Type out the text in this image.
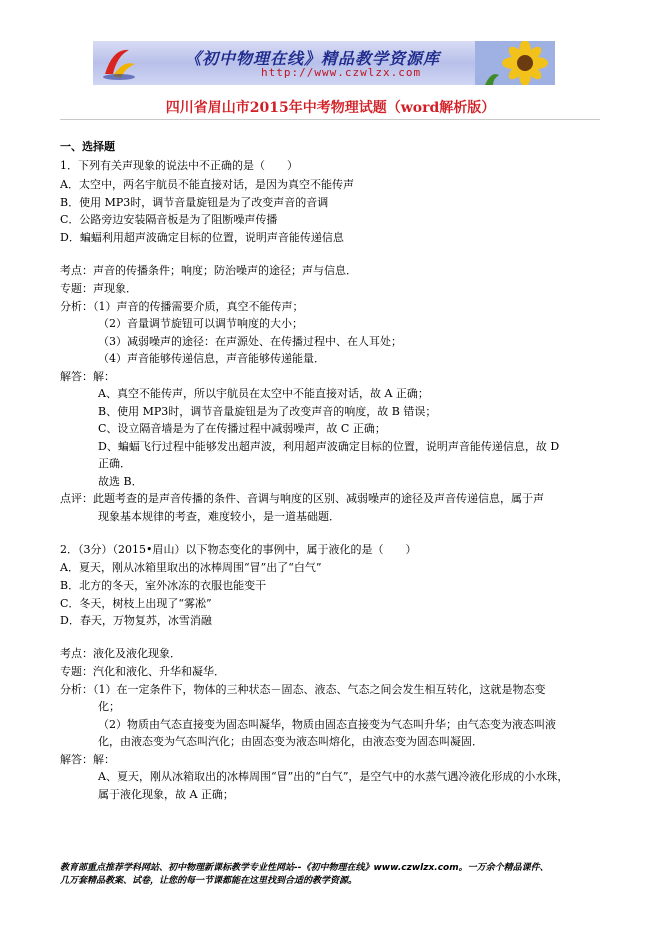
《初中物理在线》精品教学资源库
http://www.czwlzx.com
四川省眉山市2015年中考物理试题（word解析版）
一、选择题
1．下列有关声现象的说法中不正确的是（　　）
A．太空中，两名宇航员不能直接对话，是因为真空不能传声
B．使用 MP3时，调节音量旋钮是为了改变声音的音调
C．公路旁边安装隔音板是为了阻断噪声传播
D．蝙蝠利用超声波确定目标的位置，说明声音能传递信息
考点：声音的传播条件；响度；防治噪声的途径；声与信息．
专题：声现象．
分析：（1）声音的传播需要介质，真空不能传声；
（2）音量调节旋钮可以调节响度的大小；
（3）减弱噪声的途径：在声源处、在传播过程中、在人耳处；
（4）声音能够传递信息，声音能够传递能量．
解答：解：
A、真空不能传声，所以宇航员在太空中不能直接对话，故 A 正确；
B、使用 MP3时，调节音量旋钮是为了改变声音的响度，故 B 错误；
C、设立隔音墙是为了在传播过程中减弱噪声，故 C 正确；
D、蝙蝠飞行过程中能够发出超声波，利用超声波确定目标的位置，说明声音能传递信息，故 D
正确．
故选 B．
点评：此题考查的是声音传播的条件、音调与响度的区别、减弱噪声的途径及声音传递信息，属于声
现象基本规律的考查，难度较小，是一道基础题．
2．（3分）（2015•眉山）以下物态变化的事例中，属于液化的是（　　）
A．夏天，刚从冰箱里取出的冰棒周围“冒”出了“白气”
B．北方的冬天，室外冰冻的衣服也能变干
C．冬天，树枝上出现了“雾凇”
D．春天，万物复苏，冰雪消融
考点：液化及液化现象．
专题：汽化和液化、升华和凝华．
分析：（1）在一定条件下，物体的三种状态－固态、液态、气态之间会发生相互转化，这就是物态变
化；
（2）物质由气态直接变为固态叫凝华，物质由固态直接变为气态叫升华；由气态变为液态叫液
化，由液态变为气态叫汽化；由固态变为液态叫熔化，由液态变为固态叫凝固．
解答：解：
A、夏天，刚从冰箱取出的冰棒周围“冒”出的“白气”，是空气中的水蒸气遇冷液化形成的小水珠，
属于液化现象，故 A 正确；
教育部重点推荐学科网站、初中物理新课标教学专业性网站--《初中物理在线》www.czwlzx.com。一万余个精品课件、
几万套精品教案、试卷，让您的每一节课都能在这里找到合适的教学资源。
